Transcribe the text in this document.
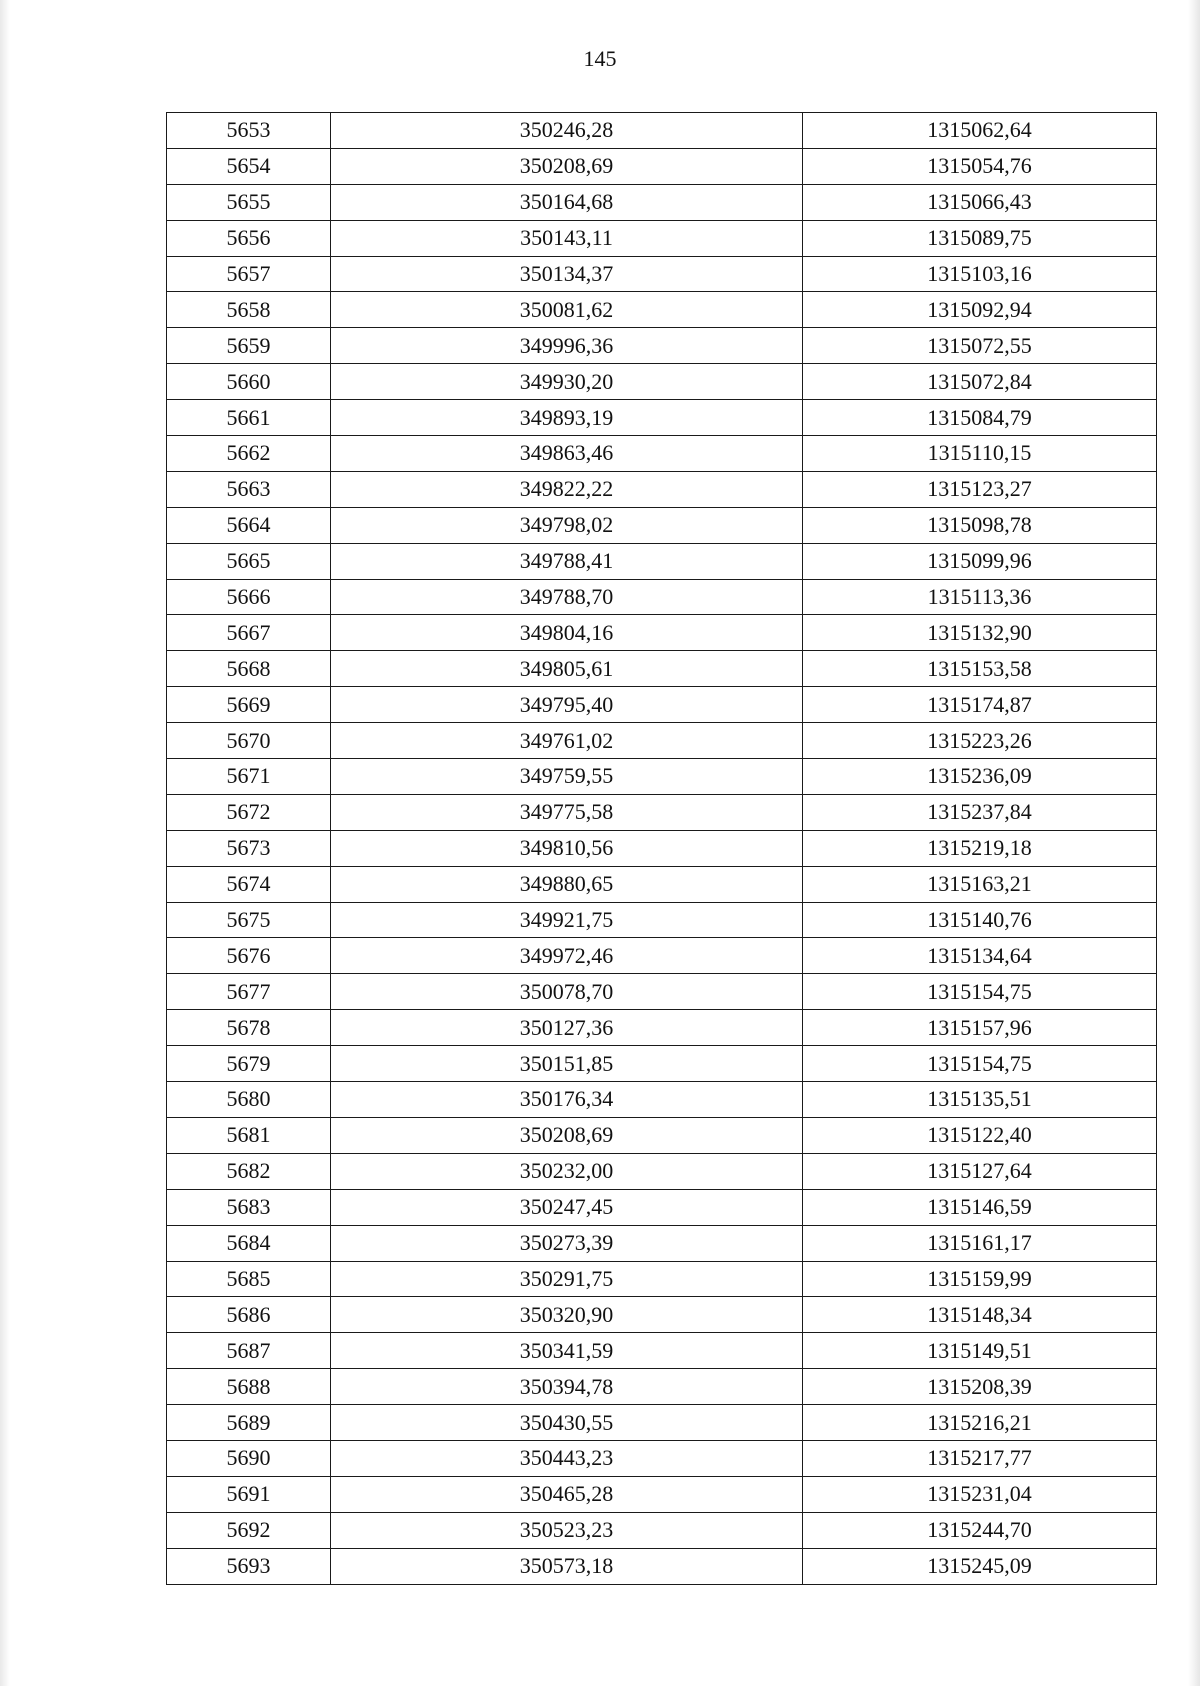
145
5653	350246,28	1315062,64
5654	350208,69	1315054,76
5655	350164,68	1315066,43
5656	350143,11	1315089,75
5657	350134,37	1315103,16
5658	350081,62	1315092,94
5659	349996,36	1315072,55
5660	349930,20	1315072,84
5661	349893,19	1315084,79
5662	349863,46	1315110,15
5663	349822,22	1315123,27
5664	349798,02	1315098,78
5665	349788,41	1315099,96
5666	349788,70	1315113,36
5667	349804,16	1315132,90
5668	349805,61	1315153,58
5669	349795,40	1315174,87
5670	349761,02	1315223,26
5671	349759,55	1315236,09
5672	349775,58	1315237,84
5673	349810,56	1315219,18
5674	349880,65	1315163,21
5675	349921,75	1315140,76
5676	349972,46	1315134,64
5677	350078,70	1315154,75
5678	350127,36	1315157,96
5679	350151,85	1315154,75
5680	350176,34	1315135,51
5681	350208,69	1315122,40
5682	350232,00	1315127,64
5683	350247,45	1315146,59
5684	350273,39	1315161,17
5685	350291,75	1315159,99
5686	350320,90	1315148,34
5687	350341,59	1315149,51
5688	350394,78	1315208,39
5689	350430,55	1315216,21
5690	350443,23	1315217,77
5691	350465,28	1315231,04
5692	350523,23	1315244,70
5693	350573,18	1315245,09
